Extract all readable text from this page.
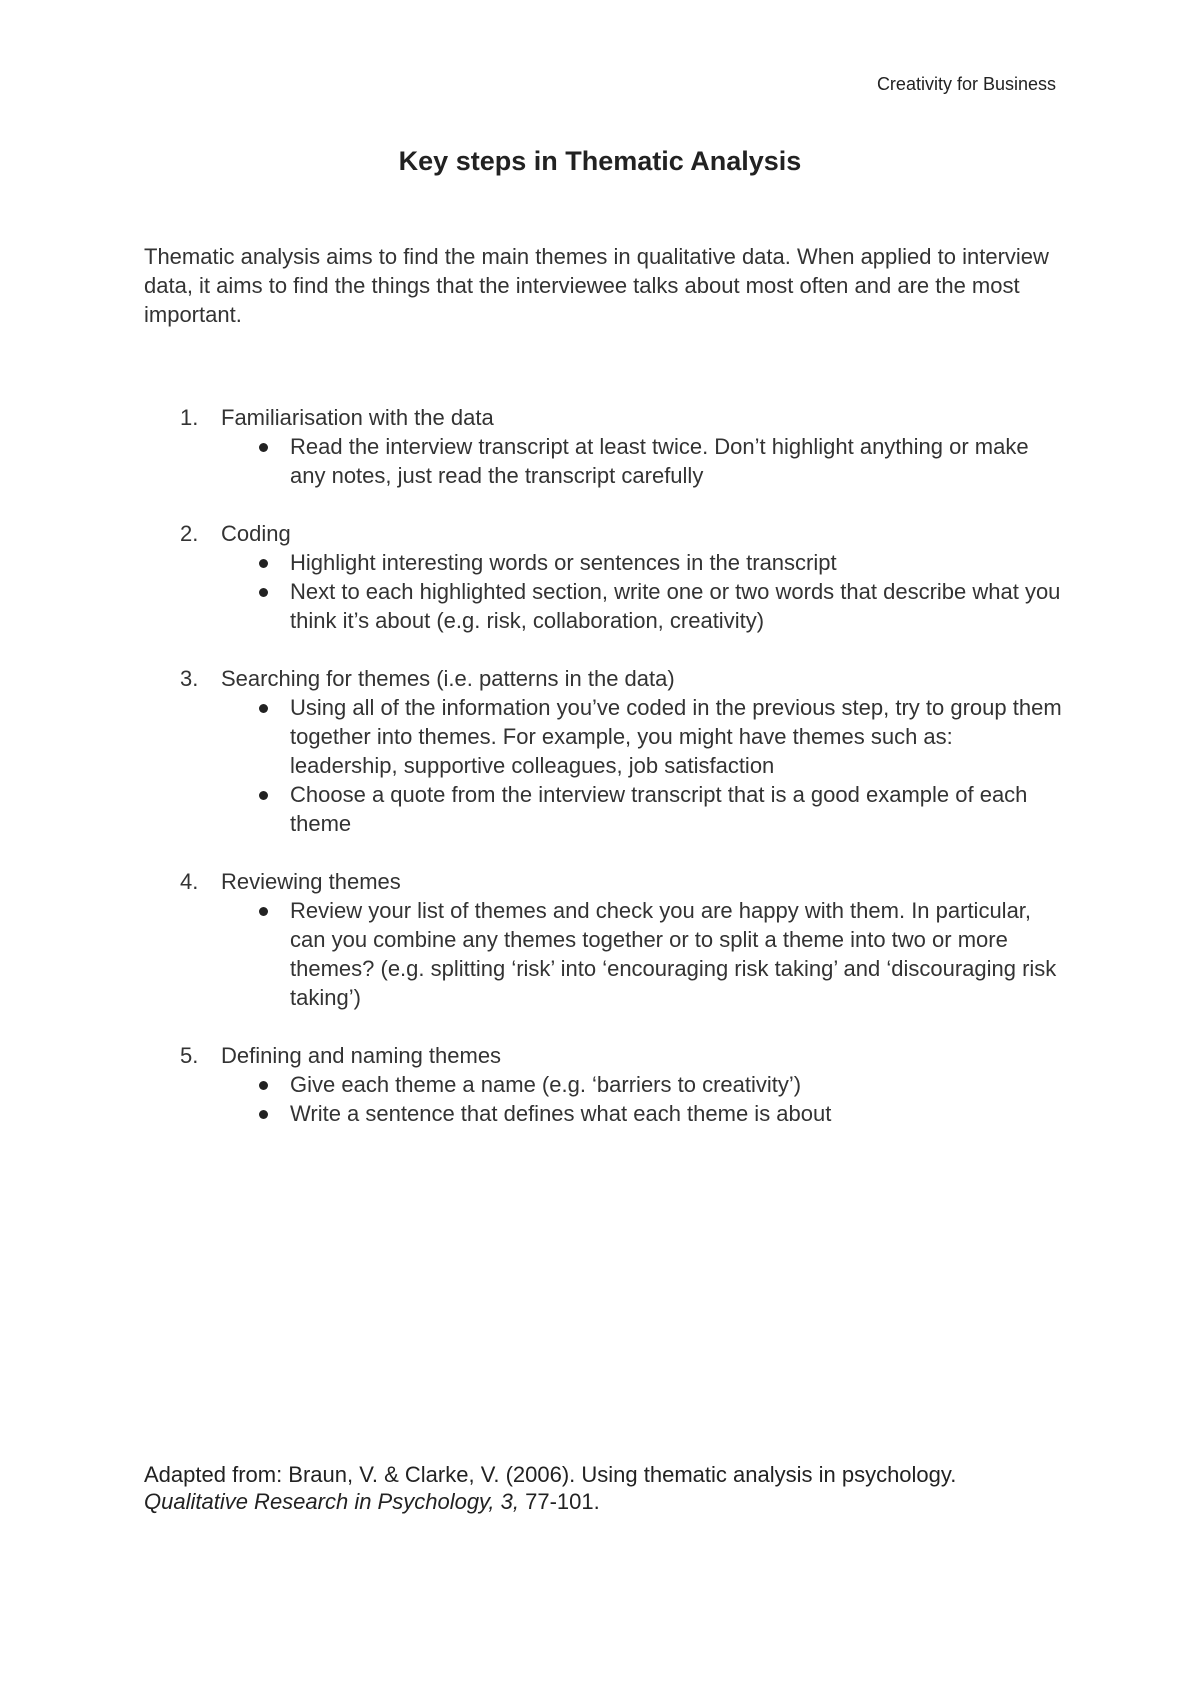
Creativity for Business
Key steps in Thematic Analysis

Thematic analysis aims to find the main themes in qualitative data. When applied to interview data, it aims to find the things that the interviewee talks about most often and are the most important.

1. Familiarisation with the data
Read the interview transcript at least twice. Don’t highlight anything or make any notes, just read the transcript carefully
2. Coding
Highlight interesting words or sentences in the transcript
Next to each highlighted section, write one or two words that describe what you think it’s about (e.g. risk, collaboration, creativity)
3. Searching for themes (i.e. patterns in the data)
Using all of the information you’ve coded in the previous step, try to group them together into themes. For example, you might have themes such as: leadership, supportive colleagues, job satisfaction
Choose a quote from the interview transcript that is a good example of each theme
4. Reviewing themes
Review your list of themes and check you are happy with them. In particular, can you combine any themes together or to split a theme into two or more themes? (e.g. splitting ‘risk’ into ‘encouraging risk taking’ and ‘discouraging risk taking’)
5. Defining and naming themes
Give each theme a name (e.g. ‘barriers to creativity’)
Write a sentence that defines what each theme is about

Adapted from: Braun, V. & Clarke, V. (2006). Using thematic analysis in psychology.
Qualitative Research in Psychology, 3, 77-101.
